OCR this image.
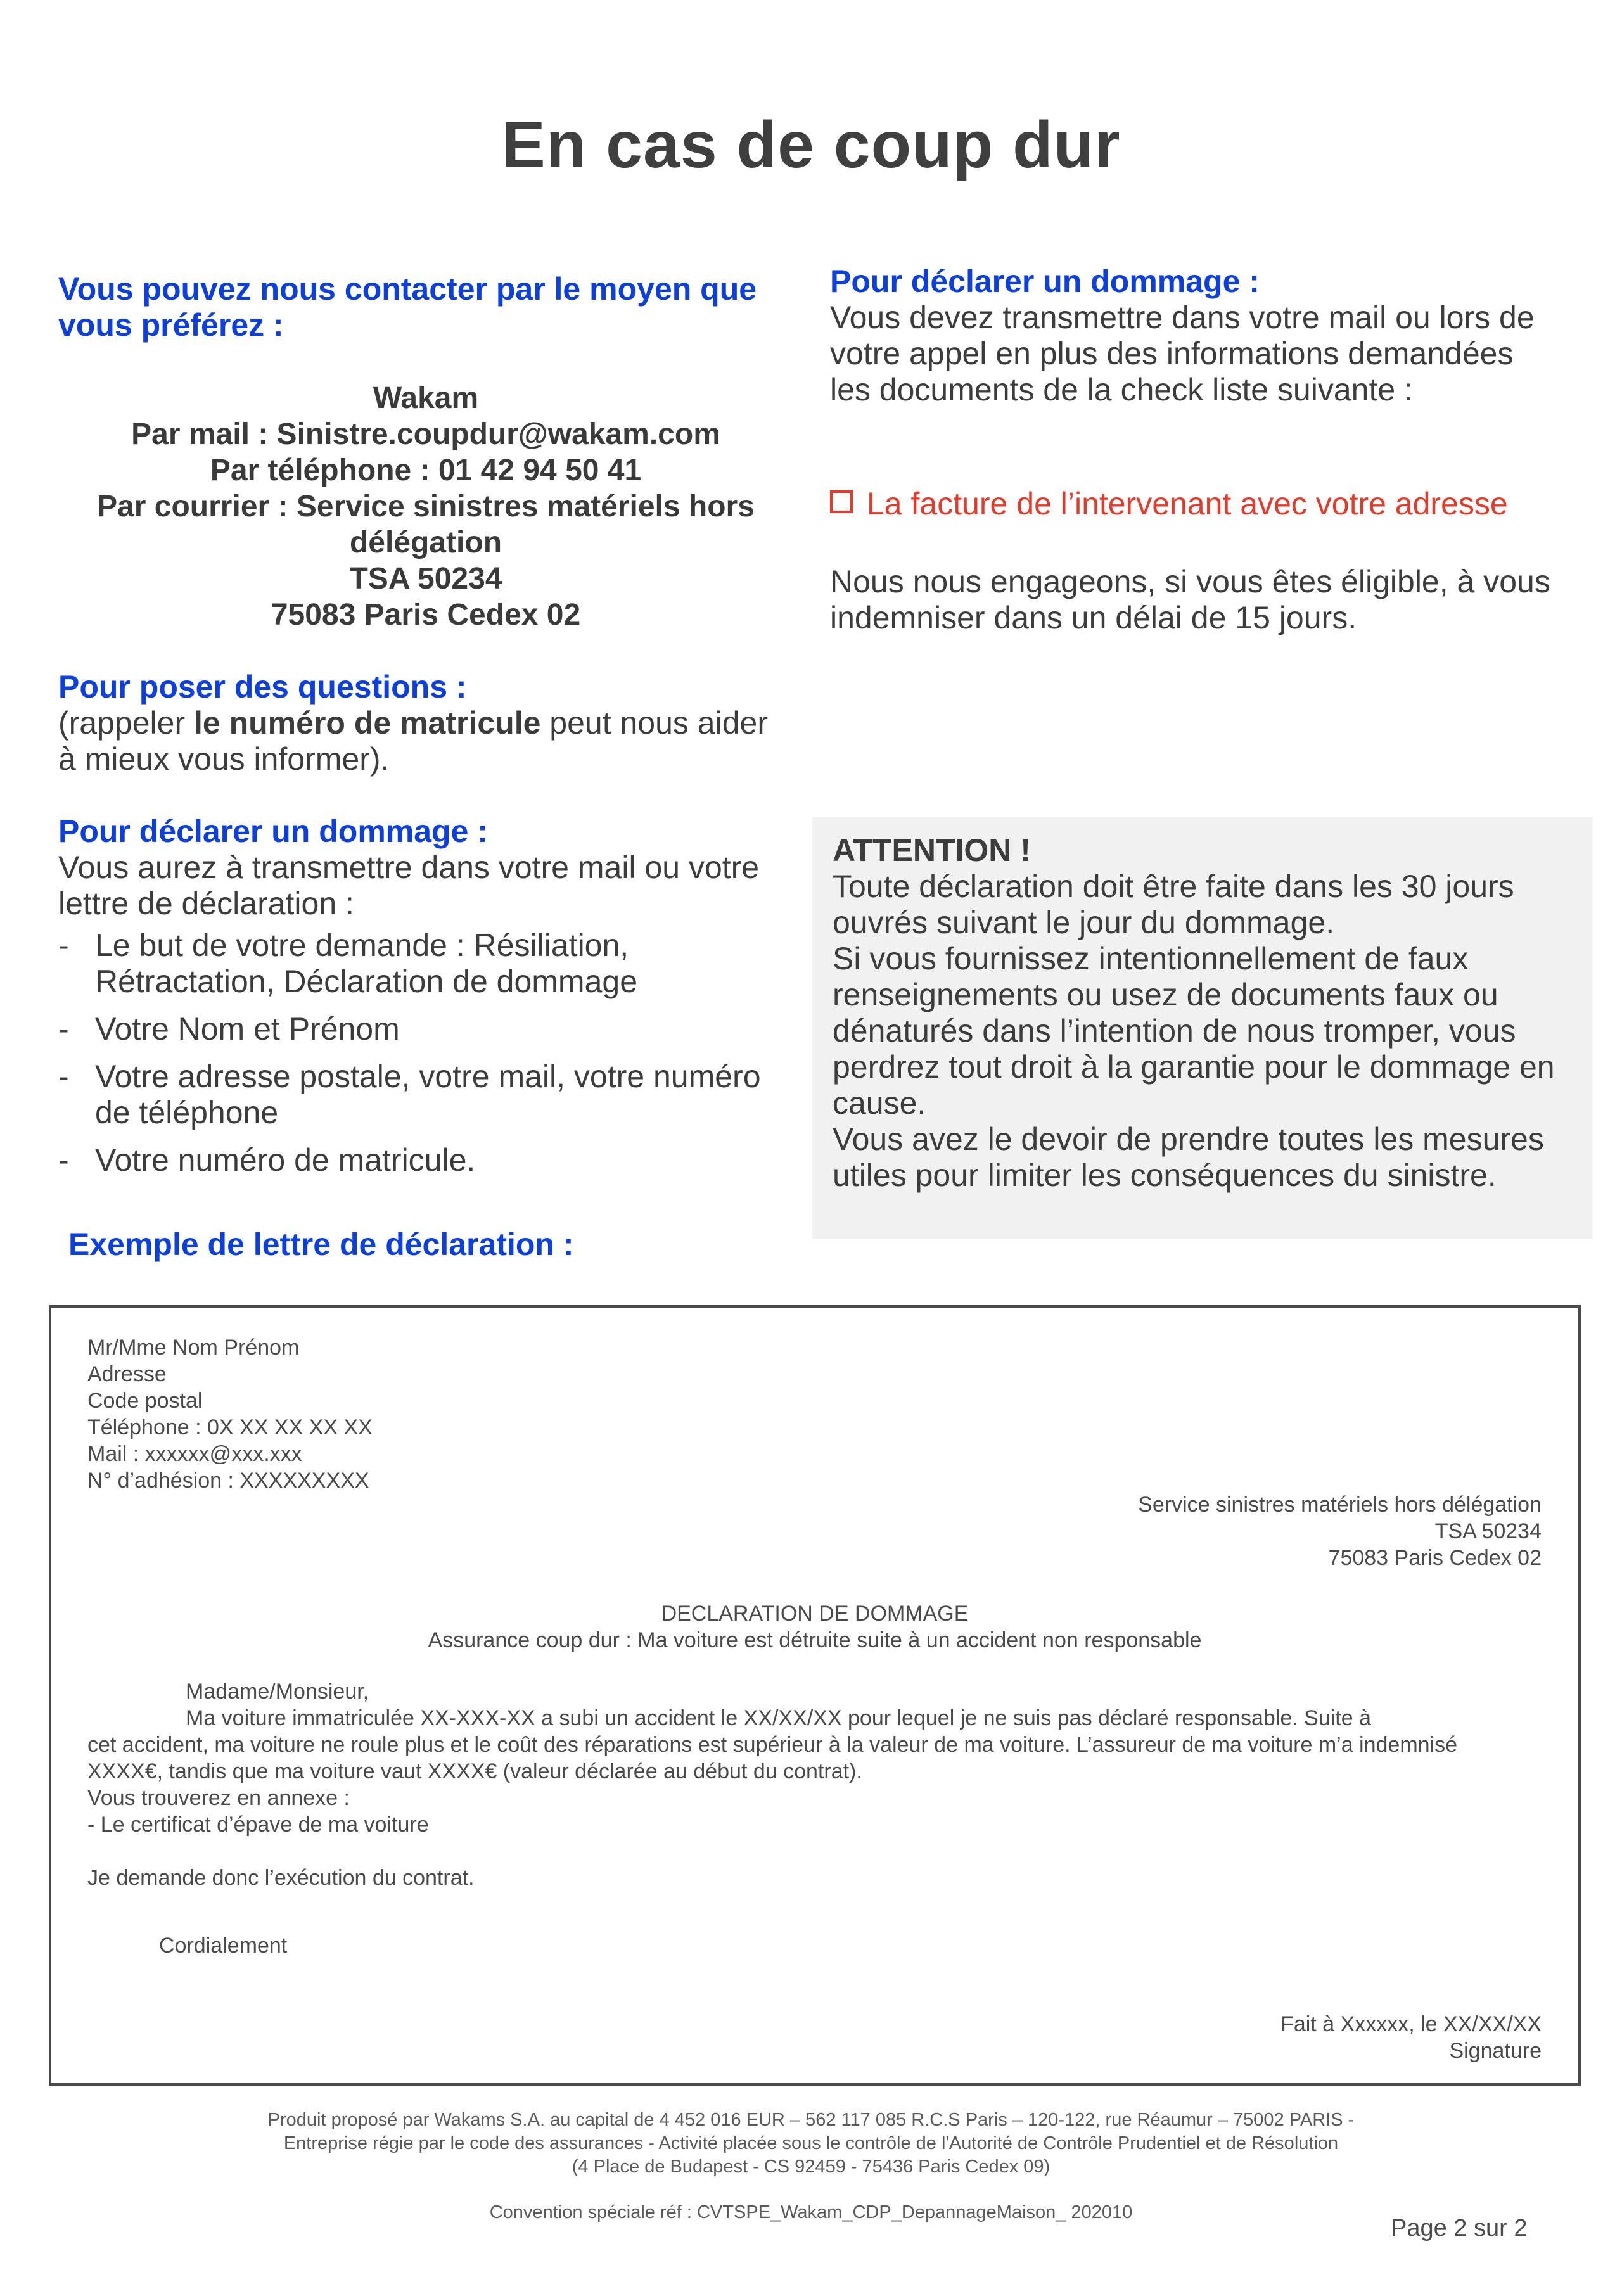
En cas de coup dur
Vous pouvez nous contacter par le moyen que vous préférez :
Wakam
Par mail : Sinistre.coupdur@wakam.com
Par téléphone : 01 42 94 50 41
Par courrier : Service sinistres matériels hors
délégation
TSA 50234
75083 Paris Cedex 02
Pour poser des questions :
(rappeler le numéro de matricule peut nous aider à mieux vous informer).
Pour déclarer un dommage :
Vous aurez à transmettre dans votre mail ou votre lettre de déclaration :
- Le but de votre demande : Résiliation, Rétractation, Déclaration de dommage
- Votre Nom et Prénom
- Votre adresse postale, votre mail, votre numéro de téléphone
- Votre numéro de matricule.
Exemple de lettre de déclaration :
Pour déclarer un dommage :
Vous devez transmettre dans votre mail ou lors de votre appel en plus des informations demandées les documents de la check liste suivante :
La facture de l’intervenant avec votre adresse
Nous nous engageons, si vous êtes éligible, à vous indemniser dans un délai de 15 jours.
ATTENTION !
Toute déclaration doit être faite dans les 30 jours ouvrés suivant le jour du dommage.
Si vous fournissez intentionnellement de faux renseignements ou usez de documents faux ou dénaturés dans l’intention de nous tromper, vous perdrez tout droit à la garantie pour le dommage en cause.
Vous avez le devoir de prendre toutes les mesures utiles pour limiter les conséquences du sinistre.
Mr/Mme Nom Prénom
Adresse
Code postal
Téléphone : 0X XX XX XX XX
Mail : xxxxxx@xxx.xxx
N° d’adhésion : XXXXXXXXX
Service sinistres matériels hors délégation
TSA 50234
75083 Paris Cedex 02
DECLARATION DE DOMMAGE
Assurance coup dur : Ma voiture est détruite suite à un accident non responsable
Madame/Monsieur,
Ma voiture immatriculée XX-XXX-XX a subi un accident le XX/XX/XX pour lequel je ne suis pas déclaré responsable. Suite à
cet accident, ma voiture ne roule plus et le coût des réparations est supérieur à la valeur de ma voiture. L’assureur de ma voiture m’a indemnisé XXXX€, tandis que ma voiture vaut XXXX€ (valeur déclarée au début du contrat).
Vous trouverez en annexe :
- Le certificat d’épave de ma voiture
Je demande donc l’exécution du contrat.
Cordialement
Fait à Xxxxxx, le XX/XX/XX
Signature
Produit proposé par Wakams S.A. au capital de 4 452 016 EUR – 562 117 085 R.C.S Paris – 120-122, rue Réaumur – 75002 PARIS -
Entreprise régie par le code des assurances - Activité placée sous le contrôle de l'Autorité de Contrôle Prudentiel et de Résolution
(4 Place de Budapest - CS 92459 - 75436 Paris Cedex 09)
Convention spéciale réf : CVTSPE_Wakam_CDP_DepannageMaison_ 202010
Page 2 sur 2
